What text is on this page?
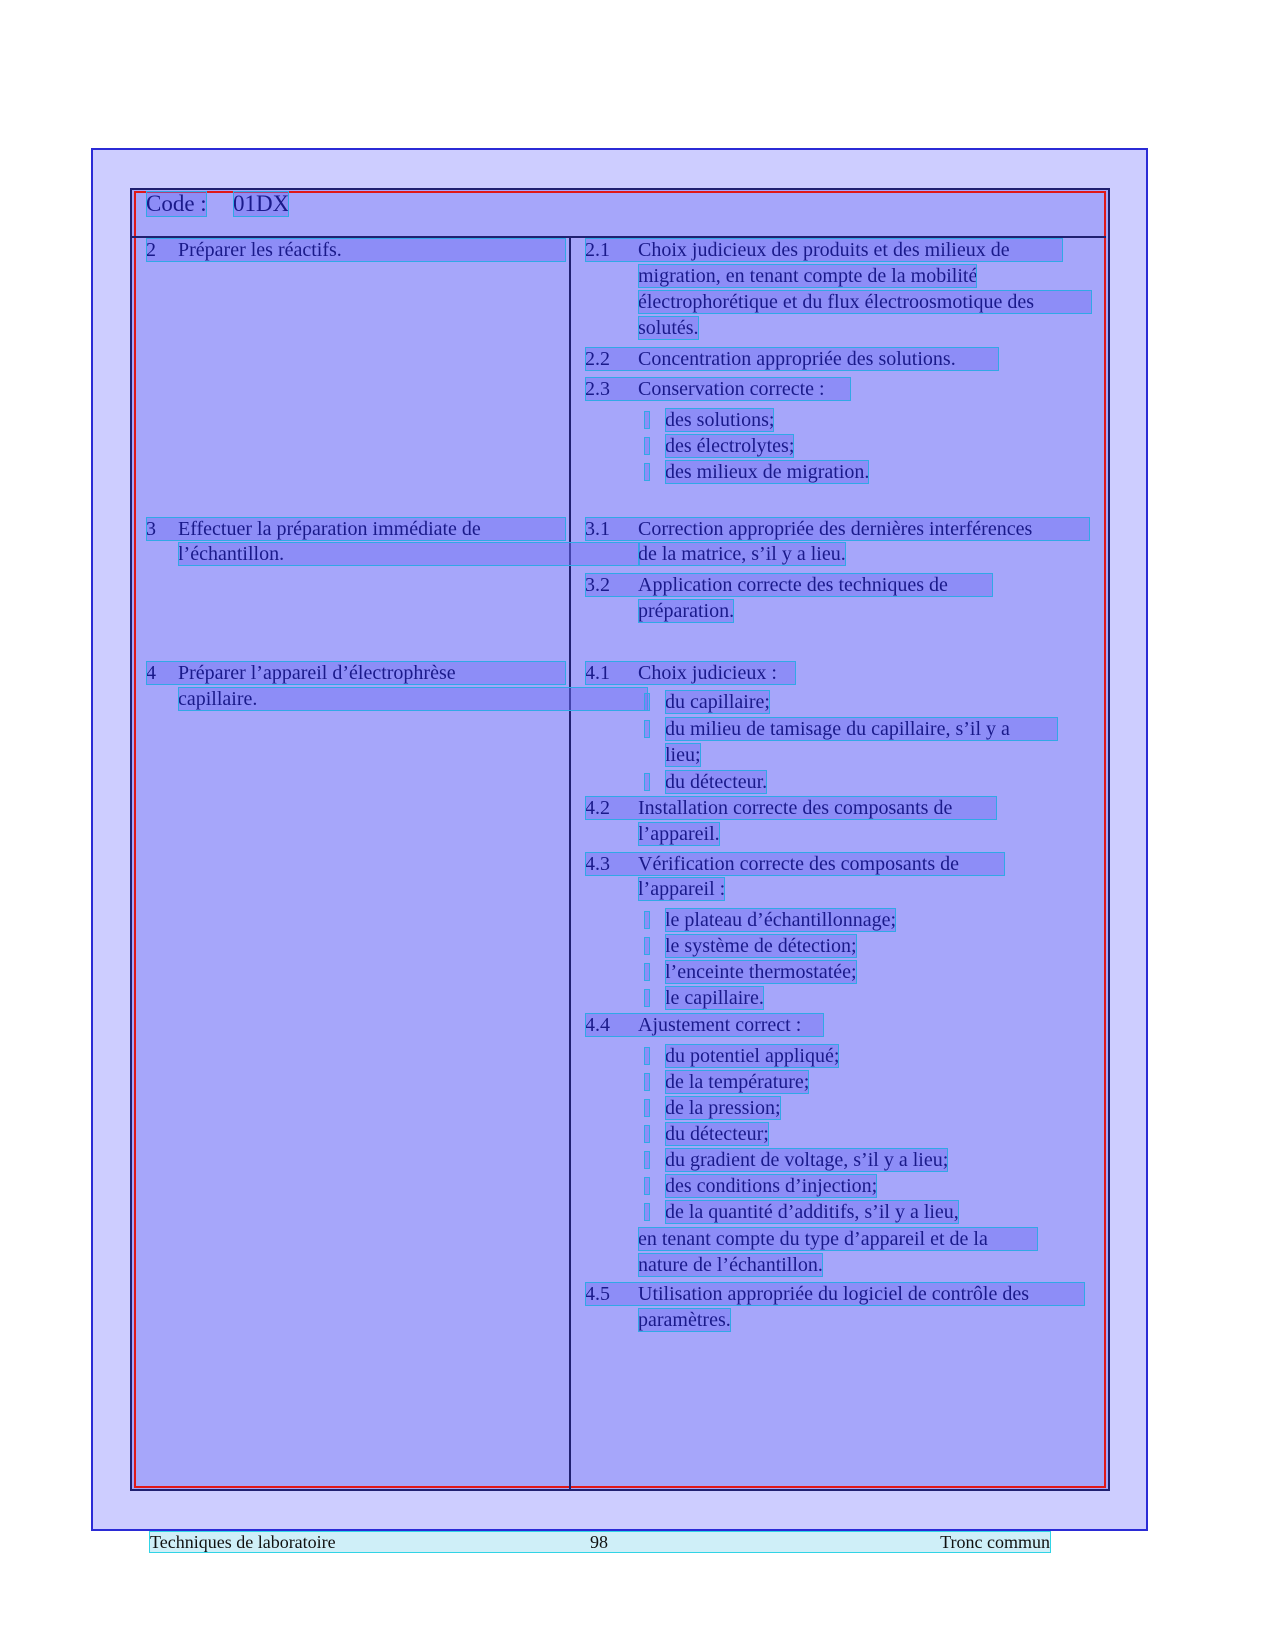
Code : 01DX
2 Préparer les réactifs.
3 Effectuer la préparation immédiate de
l’échantillon.
4 Préparer l’appareil d’électrophrèse
capillaire.
2.1 Choix judicieux des produits et des milieux de
migration, en tenant compte de la mobilité
électrophorétique et du flux électroosmotique des
solutés.
2.2 Concentration appropriée des solutions.
2.3 Conservation correcte :
des solutions;
des électrolytes;
des milieux de migration.
3.1 Correction appropriée des dernières interférences
de la matrice, s’il y a lieu.
3.2 Application correcte des techniques de
préparation.
4.1 Choix judicieux :
du capillaire;
du milieu de tamisage du capillaire, s’il y a
lieu;
du détecteur.
4.2 Installation correcte des composants de
l’appareil.
4.3 Vérification correcte des composants de
l’appareil :
le plateau d’échantillonnage;
le système de détection;
l’enceinte thermostatée;
le capillaire.
4.4 Ajustement correct :
du potentiel appliqué;
de la température;
de la pression;
du détecteur;
du gradient de voltage, s’il y a lieu;
des conditions d’injection;
de la quantité d’additifs, s’il y a lieu,
en tenant compte du type d’appareil et de la
nature de l’échantillon.
4.5 Utilisation appropriée du logiciel de contrôle des
paramètres.
Techniques de laboratoire	98	Tronc commun
